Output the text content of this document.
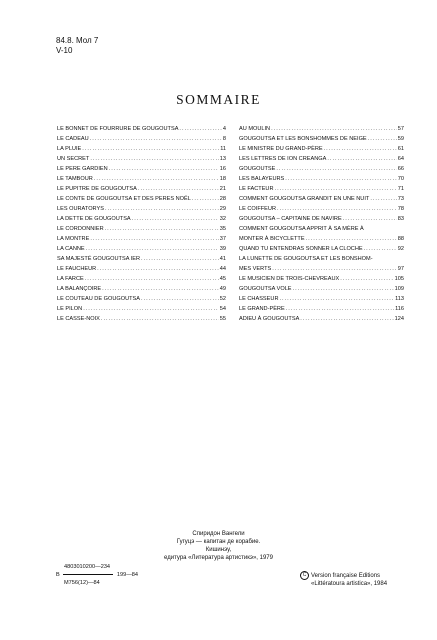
84.8. Мол 7
V-10
SOMMAIRE
LE BONNET DE FOURRURE DE GOUGOUTSA .....	4
LE CADEAU .....	8
LA PLUIE .....	11
UN SECRET .....	13
LE PERE GARDIEN .....	16
LE TAMBOUR .....	18
LE PUPITRE DE GOUGOUTSA .....	21
LE CONTE DE GOUGOUTSA ET DES PERES NOËL .....	28
LES OURATORYS .....	29
LA DETTE DE GOUGOUTSA .....	32
LE CORDONNIER .....	35
LA MONTRE .....	37
LA CANNE .....	39
SA MAJESTÉ GOUGOUTSA IER .....	41
LE FAUCHEUR .....	44
LA FARCE .....	45
LA BALANÇOIRE .....	49
LE COUTEAU DE GOUGOUTSA .....	52
LE PILON .....	54
LE CASSE-NOIX .....	55
AU MOULIN .....	57
GOUGOUTSA ET LES BONSHOMMES DE NEIGE .....	59
LE MINISTRE DU GRAND-PÈRE .....	61
LES LETTRES DE ION CREANGA .....	64
GOUGOUTSE .....	66
LES BALAYEURS .....	70
LE FACTEUR .....	71
COMMENT GOUGOUTSA GRANDIT EN UNE NUIT .....	73
LE COIFFEUR .....	78
GOUGOUTSA – CAPITAINE DE NAVIRE .....	83
COMMENT GOUGOUTSA APPRIT À SA MÈRE À
MONTER À BICYCLETTE .....	88
QUAND TU ENTENDRAS SONNER LA CLOCHE .....	92
LA LUNETTE DE GOUGOUTSA ET LES BONSHOM-
MES VERTS .....	97
LE MUSICIEN DE TROIS-CHEVREAUX .....	105
GOUGOUTSA VOLE .....	109
LE CHASSEUR .....	113
LE GRAND-PÈRE .....	116
ADIEU À GOUGOUTSA .....	124
Спиридон Вангели
Гугуцэ — капитан де корабие.
Кишинэу,
едитура «Литература артистикэ», 1979
4803010200—234
В	199—84
М756(12)—84
C Version française Editions
«Littératoura artistica», 1984
